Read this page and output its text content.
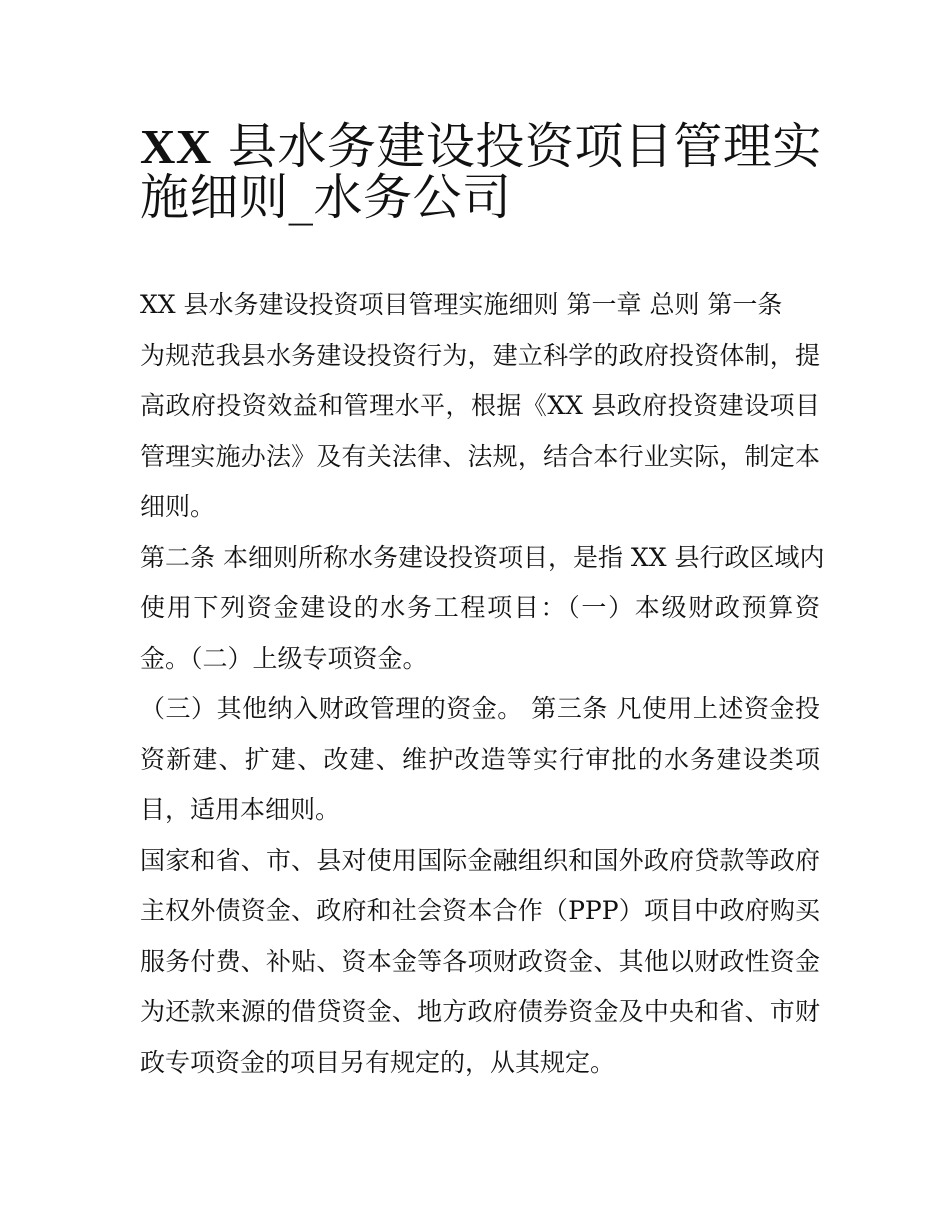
XX 县水务建设投资项目管理实
施细则_水务公司
XX 县水务建设投资项目管理实施细则 第一章 总则 第一条
为规范我县水务建设投资行为，建立科学的政府投资体制，提
高政府投资效益和管理水平，根据《XX 县政府投资建设项目
管理实施办法》及有关法律、法规，结合本行业实际，制定本
细则。
第二条 本细则所称水务建设投资项目，是指 XX 县行政区域内
使用下列资金建设的水务工程项目：（一）本级财政预算资
金。（二）上级专项资金。
（三）其他纳入财政管理的资金。 第三条 凡使用上述资金投
资新建、扩建、改建、维护改造等实行审批的水务建设类项
目，适用本细则。
国家和省、市、县对使用国际金融组织和国外政府贷款等政府
主权外债资金、政府和社会资本合作（PPP）项目中政府购买
服务付费、补贴、资本金等各项财政资金、其他以财政性资金
为还款来源的借贷资金、地方政府债券资金及中央和省、市财
政专项资金的项目另有规定的，从其规定。
